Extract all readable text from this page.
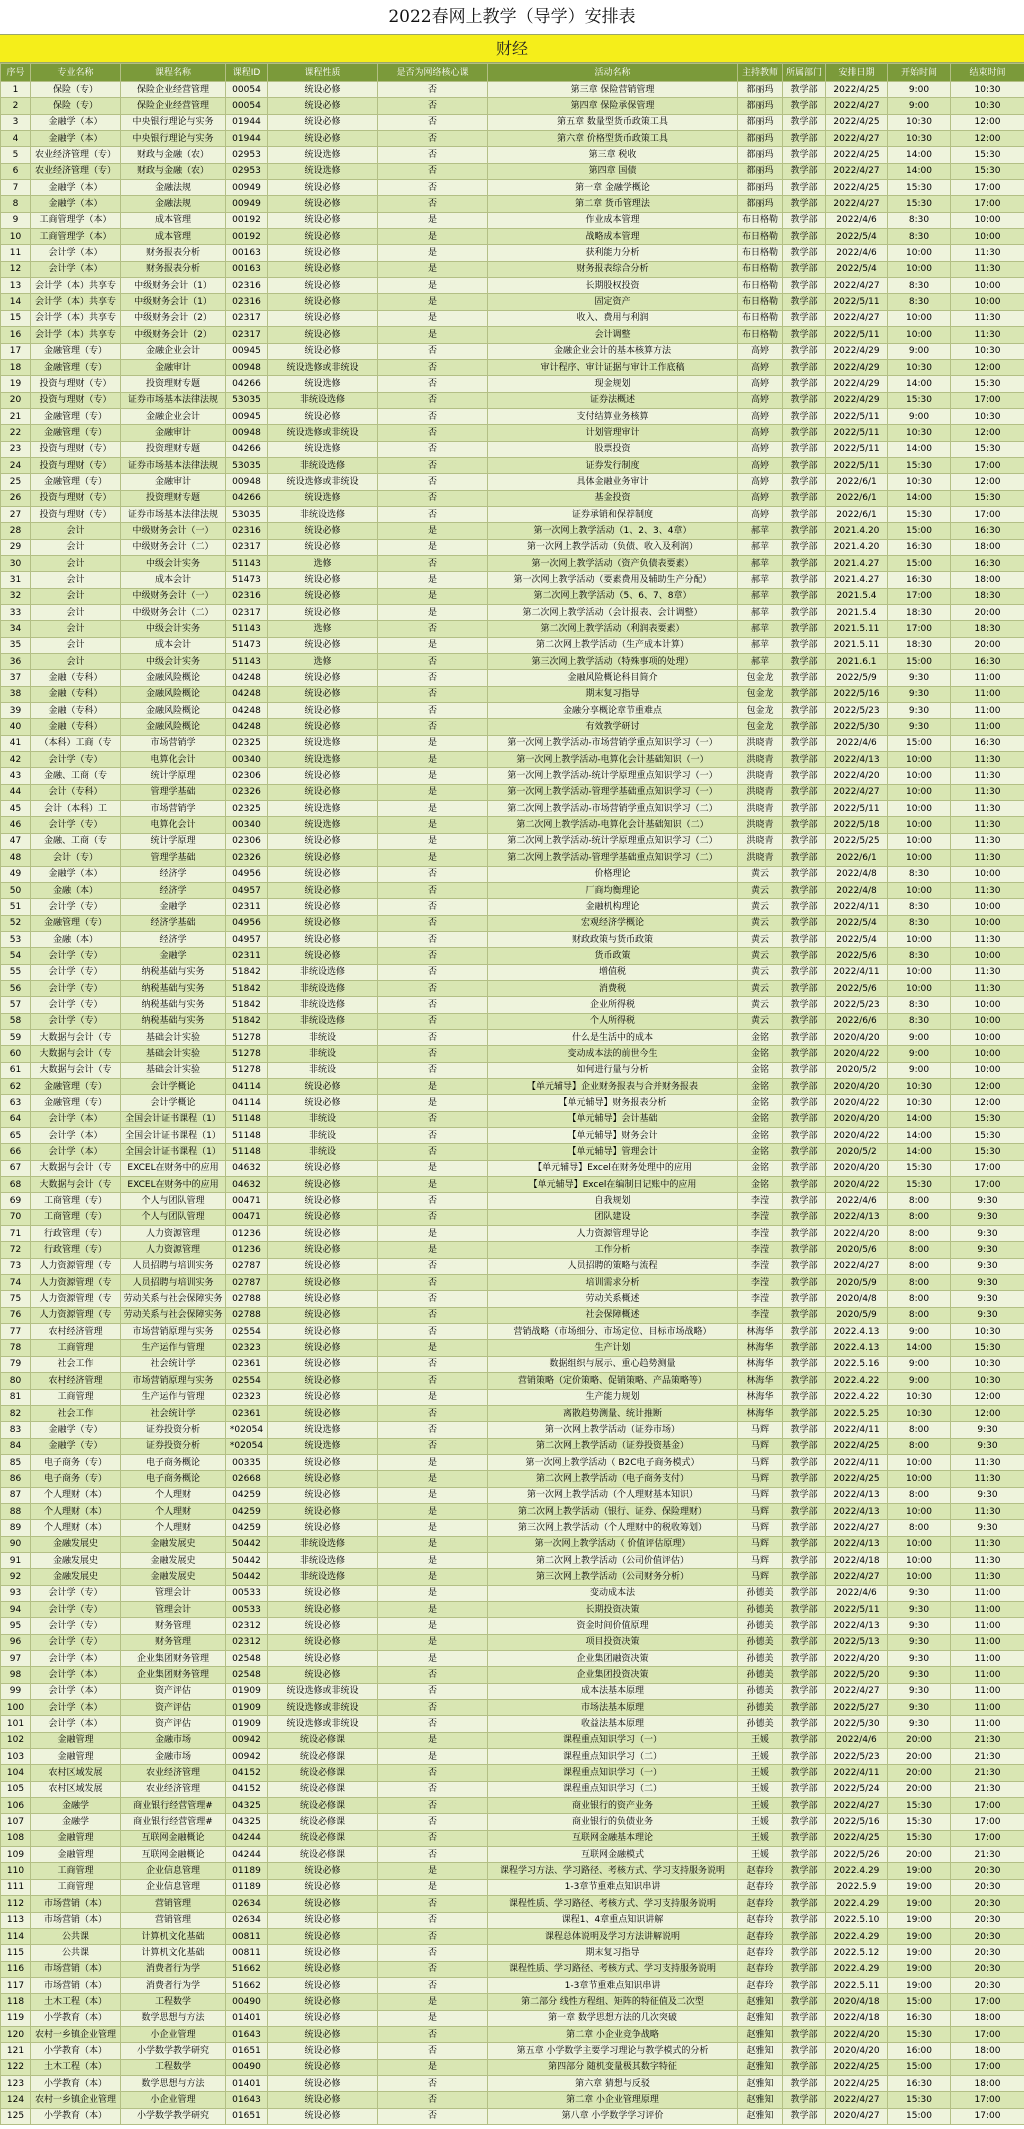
2022春网上教学（导学）安排表
财经
序号	专业名称	课程名称	课程ID	课程性质	是否为网络核心课	活动名称	主持教师	所属部门	安排日期	开始时间	结束时间
1	保险（专）	保险企业经营管理	00054	统设必修	否	第三章 保险营销管理	都丽玛	教学部	2022/4/25	9:00	10:30
2	保险（专）	保险企业经营管理	00054	统设必修	否	第四章 保险承保管理	都丽玛	教学部	2022/4/27	9:00	10:30
3	金融学（本）	中央银行理论与实务	01944	统设必修	否	第五章 数量型货币政策工具	都丽玛	教学部	2022/4/25	10:30	12:00
4	金融学（本）	中央银行理论与实务	01944	统设必修	否	第六章 价格型货币政策工具	都丽玛	教学部	2022/4/27	10:30	12:00
5	农业经济管理（专）	财政与金融（农）	02953	统设选修	否	第三章 税收	都丽玛	教学部	2022/4/25	14:00	15:30
6	农业经济管理（专）	财政与金融（农）	02953	统设选修	否	第四章 国债	都丽玛	教学部	2022/4/27	14:00	15:30
7	金融学（本）	金融法规	00949	统设必修	否	第一章 金融学概论	都丽玛	教学部	2022/4/25	15:30	17:00
8	金融学（本）	金融法规	00949	统设必修	否	第二章 货币管理法	都丽玛	教学部	2022/4/27	15:30	17:00
9	工商管理学（本）	成本管理	00192	统设必修	是	作业成本管理	布日格勒	教学部	2022/4/6	8:30	10:00
10	工商管理学（本）	成本管理	00192	统设必修	是	战略成本管理	布日格勒	教学部	2022/5/4	8:30	10:00
11	会计学（本）	财务报表分析	00163	统设必修	是	获利能力分析	布日格勒	教学部	2022/4/6	10:00	11:30
12	会计学（本）	财务报表分析	00163	统设必修	是	财务报表综合分析	布日格勒	教学部	2022/5/4	10:00	11:30
13	会计学（本）共享专	中级财务会计（1）	02316	统设必修	是	长期股权投资	布日格勒	教学部	2022/4/27	8:30	10:00
14	会计学（本）共享专	中级财务会计（1）	02316	统设必修	是	固定资产	布日格勒	教学部	2022/5/11	8:30	10:00
15	会计学（本）共享专	中级财务会计（2）	02317	统设必修	是	收入、费用与利润	布日格勒	教学部	2022/4/27	10:00	11:30
16	会计学（本）共享专	中级财务会计（2）	02317	统设必修	是	会计调整	布日格勒	教学部	2022/5/11	10:00	11:30
17	金融管理（专）	金融企业会计	00945	统设必修	否	金融企业会计的基本核算方法	高婷	教学部	2022/4/29	9:00	10:30
18	金融管理（专）	金融审计	00948	统设选修或非统设	否	审计程序、审计证据与审计工作底稿	高婷	教学部	2022/4/29	10:30	12:00
19	投资与理财（专）	投资理财专题	04266	统设选修	否	现金规划	高婷	教学部	2022/4/29	14:00	15:30
20	投资与理财（专）	证券市场基本法律法规	53035	非统设选修	否	证券法概述	高婷	教学部	2022/4/29	15:30	17:00
21	金融管理（专）	金融企业会计	00945	统设必修	否	支付结算业务核算	高婷	教学部	2022/5/11	9:00	10:30
22	金融管理（专）	金融审计	00948	统设选修或非统设	否	计划管理审计	高婷	教学部	2022/5/11	10:30	12:00
23	投资与理财（专）	投资理财专题	04266	统设选修	否	股票投资	高婷	教学部	2022/5/11	14:00	15:30
24	投资与理财（专）	证券市场基本法律法规	53035	非统设选修	否	证券发行制度	高婷	教学部	2022/5/11	15:30	17:00
25	金融管理（专）	金融审计	00948	统设选修或非统设	否	具体金融业务审计	高婷	教学部	2022/6/1	10:30	12:00
26	投资与理财（专）	投资理财专题	04266	统设选修	否	基金投资	高婷	教学部	2022/6/1	14:00	15:30
27	投资与理财（专）	证券市场基本法律法规	53035	非统设选修	否	证券承销和保荐制度	高婷	教学部	2022/6/1	15:30	17:00
28	会计	中级财务会计（一）	02316	统设必修	是	第一次网上教学活动（1、2、3、4章）	郝苹	教学部	2021.4.20	15:00	16:30
29	会计	中级财务会计（二）	02317	统设必修	是	第一次网上教学活动（负债、收入及利润）	郝苹	教学部	2021.4.20	16:30	18:00
30	会计	中级会计实务	51143	选修	否	第一次网上教学活动（资产负债表要素）	郝苹	教学部	2021.4.27	15:00	16:30
31	会计	成本会计	51473	统设必修	是	第一次网上教学活动（要素费用及辅助生产分配）	郝苹	教学部	2021.4.27	16:30	18:00
32	会计	中级财务会计（一）	02316	统设必修	是	第二次网上教学活动（5、6、7、8章）	郝苹	教学部	2021.5.4	17:00	18:30
33	会计	中级财务会计（二）	02317	统设必修	是	第二次网上教学活动（会计报表、会计调整）	郝苹	教学部	2021.5.4	18:30	20:00
34	会计	中级会计实务	51143	选修	否	第二次网上教学活动（利润表要素）	郝苹	教学部	2021.5.11	17:00	18:30
35	会计	成本会计	51473	统设必修	是	第二次网上教学活动（生产成本计算）	郝苹	教学部	2021.5.11	18:30	20:00
36	会计	中级会计实务	51143	选修	否	第三次网上教学活动（特殊事项的处理）	郝苹	教学部	2021.6.1	15:00	16:30
37	金融（专科）	金融风险概论	04248	统设必修	否	金融风险概论科目简介	包金龙	教学部	2022/5/9	9:30	11:00
38	金融（专科）	金融风险概论	04248	统设必修	否	期末复习指导	包金龙	教学部	2022/5/16	9:30	11:00
39	金融（专科）	金融风险概论	04248	统设必修	否	金融分享概论章节重难点	包金龙	教学部	2022/5/23	9:30	11:00
40	金融（专科）	金融风险概论	04248	统设必修	否	有效教学研讨	包金龙	教学部	2022/5/30	9:30	11:00
41	（本科）工商（专	市场营销学	02325	统设选修	是	第一次网上教学活动-市场营销学重点知识学习（一）	洪晓青	教学部	2022/4/6	15:00	16:30
42	会计学（专）	电算化会计	00340	统设选修	是	第一次网上教学活动-电算化会计基础知识（一）	洪晓青	教学部	2022/4/13	10:00	11:30
43	金融、工商（专	统计学原理	02306	统设必修	是	第一次网上教学活动-统计学原理重点知识学习（一）	洪晓青	教学部	2022/4/20	10:00	11:30
44	会计（专科）	管理学基础	02326	统设必修	是	第一次网上教学活动-管理学基础重点知识学习（一）	洪晓青	教学部	2022/4/27	10:00	11:30
45	会计（本科）工	市场营销学	02325	统设选修	是	第二次网上教学活动-市场营销学重点知识学习（二）	洪晓青	教学部	2022/5/11	10:00	11:30
46	会计学（专）	电算化会计	00340	统设选修	是	第二次网上教学活动-电算化会计基础知识（二）	洪晓青	教学部	2022/5/18	10:00	11:30
47	金融、工商（专	统计学原理	02306	统设必修	是	第二次网上教学活动-统计学原理重点知识学习（二）	洪晓青	教学部	2022/5/25	10:00	11:30
48	会计（专）	管理学基础	02326	统设必修	是	第二次网上教学活动-管理学基础重点知识学习（二）	洪晓青	教学部	2022/6/1	10:00	11:30
49	金融学（本）	经济学	04956	统设必修	否	价格理论	黄云	教学部	2022/4/8	8:30	10:00
50	金融（本）	经济学	04957	统设必修	否	厂商均衡理论	黄云	教学部	2022/4/8	10:00	11:30
51	会计学（专）	金融学	02311	统设必修	否	金融机构理论	黄云	教学部	2022/4/11	8:30	10:00
52	金融管理（专）	经济学基础	04956	统设必修	否	宏观经济学概论	黄云	教学部	2022/5/4	8:30	10:00
53	金融（本）	经济学	04957	统设必修	否	财政政策与货币政策	黄云	教学部	2022/5/4	10:00	11:30
54	会计学（专）	金融学	02311	统设必修	否	货币政策	黄云	教学部	2022/5/6	8:30	10:00
55	会计学（专）	纳税基础与实务	51842	非统设选修	否	增值税	黄云	教学部	2022/4/11	10:00	11:30
56	会计学（专）	纳税基础与实务	51842	非统设选修	否	消费税	黄云	教学部	2022/5/6	10:00	11:30
57	会计学（专）	纳税基础与实务	51842	非统设选修	否	企业所得税	黄云	教学部	2022/5/23	8:30	10:00
58	会计学（专）	纳税基础与实务	51842	非统设选修	否	个人所得税	黄云	教学部	2022/6/6	8:30	10:00
59	大数据与会计（专	基础会计实验	51278	非统设	否	什么是生活中的成本	金铭	教学部	2020/4/20	9:00	10:00
60	大数据与会计（专	基础会计实验	51278	非统设	否	变动成本法的前世今生	金铭	教学部	2020/4/22	9:00	10:00
61	大数据与会计（专	基础会计实验	51278	非统设	否	如何进行量与分析	金铭	教学部	2020/5/2	9:00	10:00
62	金融管理（专）	会计学概论	04114	统设必修	是	【单元辅导】企业财务报表与合并财务报表	金铭	教学部	2020/4/20	10:30	12:00
63	金融管理（专）	会计学概论	04114	统设必修	是	【单元辅导】财务报表分析	金铭	教学部	2020/4/22	10:30	12:00
64	会计学（本）	全国会计证书课程（1）	51148	非统设	否	【单元辅导】会计基础	金铭	教学部	2020/4/20	14:00	15:30
65	会计学（本）	全国会计证书课程（1）	51148	非统设	否	【单元辅导】财务会计	金铭	教学部	2020/4/22	14:00	15:30
66	会计学（本）	全国会计证书课程（1）	51148	非统设	否	【单元辅导】管理会计	金铭	教学部	2020/5/2	14:00	15:30
67	大数据与会计（专	EXCEL在财务中的应用	04632	统设必修	是	【单元辅导】Excel在财务处理中的应用	金铭	教学部	2020/4/20	15:30	17:00
68	大数据与会计（专	EXCEL在财务中的应用	04632	统设必修	是	【单元辅导】Excel在编制日记账中的应用	金铭	教学部	2020/4/22	15:30	17:00
69	工商管理（专）	个人与团队管理	00471	统设必修	否	自我规划	李滢	教学部	2022/4/6	8:00	9:30
70	工商管理（专）	个人与团队管理	00471	统设必修	否	团队建设	李滢	教学部	2022/4/13	8:00	9:30
71	行政管理（专）	人力资源管理	01236	统设必修	是	人力资源管理导论	李滢	教学部	2022/4/20	8:00	9:30
72	行政管理（专）	人力资源管理	01236	统设必修	是	工作分析	李滢	教学部	2020/5/6	8:00	9:30
73	人力资源管理（专	人员招聘与培训实务	02787	统设必修	否	人员招聘的策略与流程	李滢	教学部	2022/4/27	8:00	9:30
74	人力资源管理（专	人员招聘与培训实务	02787	统设必修	否	培训需求分析	李滢	教学部	2020/5/9	8:00	9:30
75	人力资源管理（专	劳动关系与社会保障实务	02788	统设必修	否	劳动关系概述	李滢	教学部	2020/4/8	8:00	9:30
76	人力资源管理（专	劳动关系与社会保障实务	02788	统设必修	否	社会保障概述	李滢	教学部	2020/5/9	8:00	9:30
77	农村经济管理	市场营销原理与实务	02554	统设必修	否	营销战略（市场细分、市场定位、目标市场战略）	林海华	教学部	2022.4.13	9:00	10:30
78	工商管理	生产运作与管理	02323	统设必修	是	生产计划	林海华	教学部	2022.4.13	14:00	15:30
79	社会工作	社会统计学	02361	统设必修	否	数据组织与展示、重心趋势测量	林海华	教学部	2022.5.16	9:00	10:30
80	农村经济管理	市场营销原理与实务	02554	统设必修	否	营销策略（定价策略、促销策略、产品策略等）	林海华	教学部	2022.4.22	9:00	10:30
81	工商管理	生产运作与管理	02323	统设必修	是	生产能力规划	林海华	教学部	2022.4.22	10:30	12:00
82	社会工作	社会统计学	02361	统设必修	否	离散趋势测量、统计推断	林海华	教学部	2022.5.25	10:30	12:00
83	金融学（专）	证券投资分析	*02054	统设选修	否	第一次网上教学活动（证券市场）	马辉	教学部	2022/4/11	8:00	9:30
84	金融学（专）	证券投资分析	*02054	统设选修	否	第二次网上教学活动（证券投资基金）	马辉	教学部	2022/4/25	8:00	9:30
85	电子商务（专）	电子商务概论	00335	统设必修	是	第一次网上教学活动（ B2C电子商务模式）	马辉	教学部	2022/4/11	10:00	11:30
86	电子商务（专）	电子商务概论	02668	统设必修	是	第二次网上教学活动（电子商务支付）	马辉	教学部	2022/4/25	10:00	11:30
87	个人理财（本）	个人理财	04259	统设必修	是	第一次网上教学活动（个人理财基本知识）	马辉	教学部	2022/4/13	8:00	9:30
88	个人理财（本）	个人理财	04259	统设必修	是	第二次网上教学活动（银行、证券、保险理财）	马辉	教学部	2022/4/13	10:00	11:30
89	个人理财（本）	个人理财	04259	统设必修	是	第三次网上教学活动（个人理财中的税收筹划）	马辉	教学部	2022/4/27	8:00	9:30
90	金融发展史	金融发展史	50442	非统设选修	是	第一次网上教学活动（ 价值评估原理）	马辉	教学部	2022/4/13	10:00	11:30
91	金融发展史	金融发展史	50442	非统设选修	是	第二次网上教学活动（公司价值评估）	马辉	教学部	2022/4/18	10:00	11:30
92	金融发展史	金融发展史	50442	非统设选修	是	第三次网上教学活动（公司财务分析）	马辉	教学部	2022/4/27	10:00	11:30
93	会计学（专）	管理会计	00533	统设必修	是	变动成本法	孙德美	教学部	2022/4/6	9:30	11:00
94	会计学（专）	管理会计	00533	统设必修	是	长期投资决策	孙德美	教学部	2022/5/11	9:30	11:00
95	会计学（专）	财务管理	02312	统设必修	是	资金时间价值原理	孙德美	教学部	2022/4/13	9:30	11:00
96	会计学（专）	财务管理	02312	统设必修	是	项目投资决策	孙德美	教学部	2022/5/13	9:30	11:00
97	会计学（本）	企业集团财务管理	02548	统设必修	是	企业集团融资决策	孙德美	教学部	2022/4/20	9:30	11:00
98	会计学（本）	企业集团财务管理	02548	统设必修	否	企业集团投资决策	孙德美	教学部	2022/5/20	9:30	11:00
99	会计学（本）	资产评估	01909	统设选修或非统设	否	成本法基本原理	孙德美	教学部	2022/4/27	9:30	11:00
100	会计学（本）	资产评估	01909	统设选修或非统设	否	市场法基本原理	孙德美	教学部	2022/5/27	9:30	11:00
101	会计学（本）	资产评估	01909	统设选修或非统设	否	收益法基本原理	孙德美	教学部	2022/5/30	9:30	11:00
102	金融管理	金融市场	00942	统设必修课	是	课程重点知识学习（一）	王媛	教学部	2022/4/6	20:00	21:30
103	金融管理	金融市场	00942	统设必修课	是	课程重点知识学习（二）	王媛	教学部	2022/5/23	20:00	21:30
104	农村区域发展	农业经济管理	04152	统设必修课	否	课程重点知识学习（一）	王媛	教学部	2022/4/11	20:00	21:30
105	农村区域发展	农业经济管理	04152	统设必修课	否	课程重点知识学习（二）	王媛	教学部	2022/5/24	20:00	21:30
106	金融学	商业银行经营管理#	04325	统设必修课	否	商业银行的资产业务	王媛	教学部	2022/4/27	15:30	17:00
107	金融学	商业银行经营管理#	04325	统设必修课	否	商业银行的负债业务	王媛	教学部	2022/5/16	15:30	17:00
108	金融管理	互联网金融概论	04244	统设必修课	否	互联网金融基本理论	王媛	教学部	2022/4/25	15:30	17:00
109	金融管理	互联网金融概论	04244	统设必修课	否	互联网金融模式	王媛	教学部	2022/5/26	20:00	21:30
110	工商管理	企业信息管理	01189	统设必修	是	课程学习方法、学习路径、考核方式、学习支持服务说明	赵春玲	教学部	2022.4.29	19:00	20:30
111	工商管理	企业信息管理	01189	统设必修	是	1-3章节重难点知识串讲	赵春玲	教学部	2022.5.9	19:00	20:30
112	市场营销（本）	营销管理	02634	统设必修	否	课程性质、学习路径、考核方式、学习支持服务说明	赵春玲	教学部	2022.4.29	19:00	20:30
113	市场营销（本）	营销管理	02634	统设必修	否	课程1、4章重点知识讲解	赵春玲	教学部	2022.5.10	19:00	20:30
114	公共课	计算机文化基础	00811	统设必修	否	课程总体说明及学习方法讲解说明	赵春玲	教学部	2022.4.29	19:00	20:30
115	公共课	计算机文化基础	00811	统设必修	否	期末复习指导	赵春玲	教学部	2022.5.12	19:00	20:30
116	市场营销（本）	消费者行为学	51662	统设必修	否	课程性质、学习路径、考核方式、学习支持服务说明	赵春玲	教学部	2022.4.29	19:00	20:30
117	市场营销（本）	消费者行为学	51662	统设必修	否	1-3章节重难点知识串讲	赵春玲	教学部	2022.5.11	19:00	20:30
118	土木工程（本）	工程数学	00490	统设必修	是	第二部分 线性方程组、矩阵的特征值及二次型	赵雅知	教学部	2020/4/18	15:00	17:00
119	小学教育（本）	数学思想与方法	01401	统设必修	是	第一章 数学思想方法的几次突破	赵雅知	教学部	2022/4/18	16:30	18:00
120	农村一乡镇企业管理	小企业管理	01643	统设必修	否	第二章 小企业竞争战略	赵雅知	教学部	2022/4/20	15:30	17:00
121	小学教育（本）	小学数学教学研究	01651	统设必修	否	第五章 小学数学主要学习理论与教学模式的分析	赵雅知	教学部	2020/4/20	16:00	18:00
122	土木工程（本）	工程数学	00490	统设必修	是	第四部分 随机变量极其数字特征	赵雅知	教学部	2022/4/25	15:00	17:00
123	小学教育（本）	数学思想与方法	01401	统设必修	否	第六章 猜想与反驳	赵雅知	教学部	2022/4/25	16:30	18:00
124	农村一乡镇企业管理	小企业管理	01643	统设必修	否	第二章 小企业管理原理	赵雅知	教学部	2022/4/27	15:30	17:00
125	小学教育（本）	小学数学教学研究	01651	统设必修	否	第八章 小学数学学习评价	赵雅知	教学部	2020/4/27	15:00	17:00
